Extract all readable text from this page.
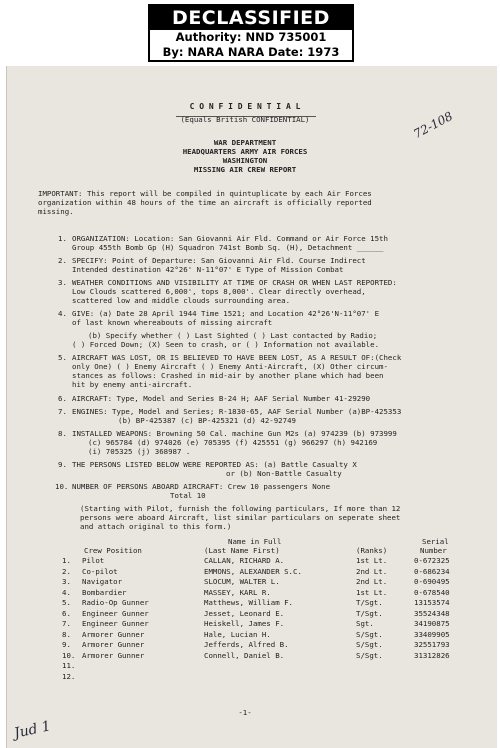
DECLASSIFIED
Authority: NND 735001
By: NARA NARA Date: 1973
C O N F I D E N T I A L
(Equals British CONFIDENTIAL)	72-108
WAR DEPARTMENT
HEADQUARTERS ARMY AIR FORCES
WASHINGTON
MISSING AIR CREW REPORT
IMPORTANT: This report will be compiled in quintuplicate by each Air Forces
organization within 48 hours of the time an aircraft is officially reported
missing.
1. ORGANIZATION: Location: San Giovanni Air Fld. Command or Air Force 15th
Group 455th Bomb Gp (H) Squadron 741st Bomb Sq. (H), Detachment ______
2. SPECIFY: Point of Departure: San Giovanni Air Fld. Course Indirect
Intended destination 42°26' N-11°07' E Type of Mission Combat
3. WEATHER CONDITIONS AND VISIBILITY AT TIME OF CRASH OR WHEN LAST REPORTED:
Low Clouds scattered 6,000', tops 8,000'. Clear directly overhead,
scattered low and middle clouds surrounding area.
4. GIVE: (a) Date 28 April 1944 Time 1521; and Location 42°26'N-11°07' E
of last known whereabouts of missing aircraft
(b) Specify whether ( ) Last Sighted ( ) Last contacted by Radio;
( ) Forced Down; (X) Seen to crash, or ( ) Information not available.
5. AIRCRAFT WAS LOST, OR IS BELIEVED TO HAVE BEEN LOST, AS A RESULT OF:(Check
only One) ( ) Enemy Aircraft ( ) Enemy Anti-Aircraft, (X) Other circum-
stances as follows: Crashed in mid-air by another plane which had been
hit by enemy anti-aircraft.
6. AIRCRAFT: Type, Model and Series B-24 H; AAF Serial Number 41-29290
7. ENGINES: Type, Model and Series; R-1830-65, AAF Serial Number (a)BP-425353
(b) BP-425387 (c) BP-425321 (d) 42-92749
8. INSTALLED WEAPONS: Browning 50 Cal. machine Gun M2s (a) 974239 (b) 973999
(c) 965784 (d) 974026 (e) 705395 (f) 425551 (g) 966297 (h) 942169
(i) 705325 (j) 368987 .
9. THE PERSONS LISTED BELOW WERE REPORTED AS: (a) Battle Casualty X
or (b) Non-Battle Casualty
10. NUMBER OF PERSONS ABOARD AIRCRAFT: Crew 10 passengers None
Total 10
(Starting with Pilot, furnish the following particulars, If more than 12
persons were aboard Aircraft, list similar particulars on seperate sheet
and attach original to this form.)
Name in Full	Serial
Crew Position	(Last Name First)	(Ranks)	Number
1. Pilot	CALLAN, RICHARD A.	1st Lt.	0-672325
2. Co-pilot	EMMONS, ALEXANDER S.C.	2nd Lt.	0-686234
3. Navigator	SLOCUM, WALTER L.	2nd Lt.	0-690495
4. Bombardier	MASSEY, KARL R.	1st Lt.	0-678540
5. Radio-Op Gunner	Matthews, William F.	T/Sgt.	13153574
6. Engineer Gunner	Jesset, Leonard E.	T/Sgt.	35524348
7. Engineer Gunner	Heiskell, James F.	Sgt.	34190875
8. Armorer Gunner	Hale, Lucian H.	S/Sgt.	33409905
9. Armorer Gunner	Jefferds, Alfred B.	S/Sgt.	32551793
10. Armorer Gunner	Connell, Daniel B.	S/Sgt.	31312826
11.
12.
-1-
Jud 1
